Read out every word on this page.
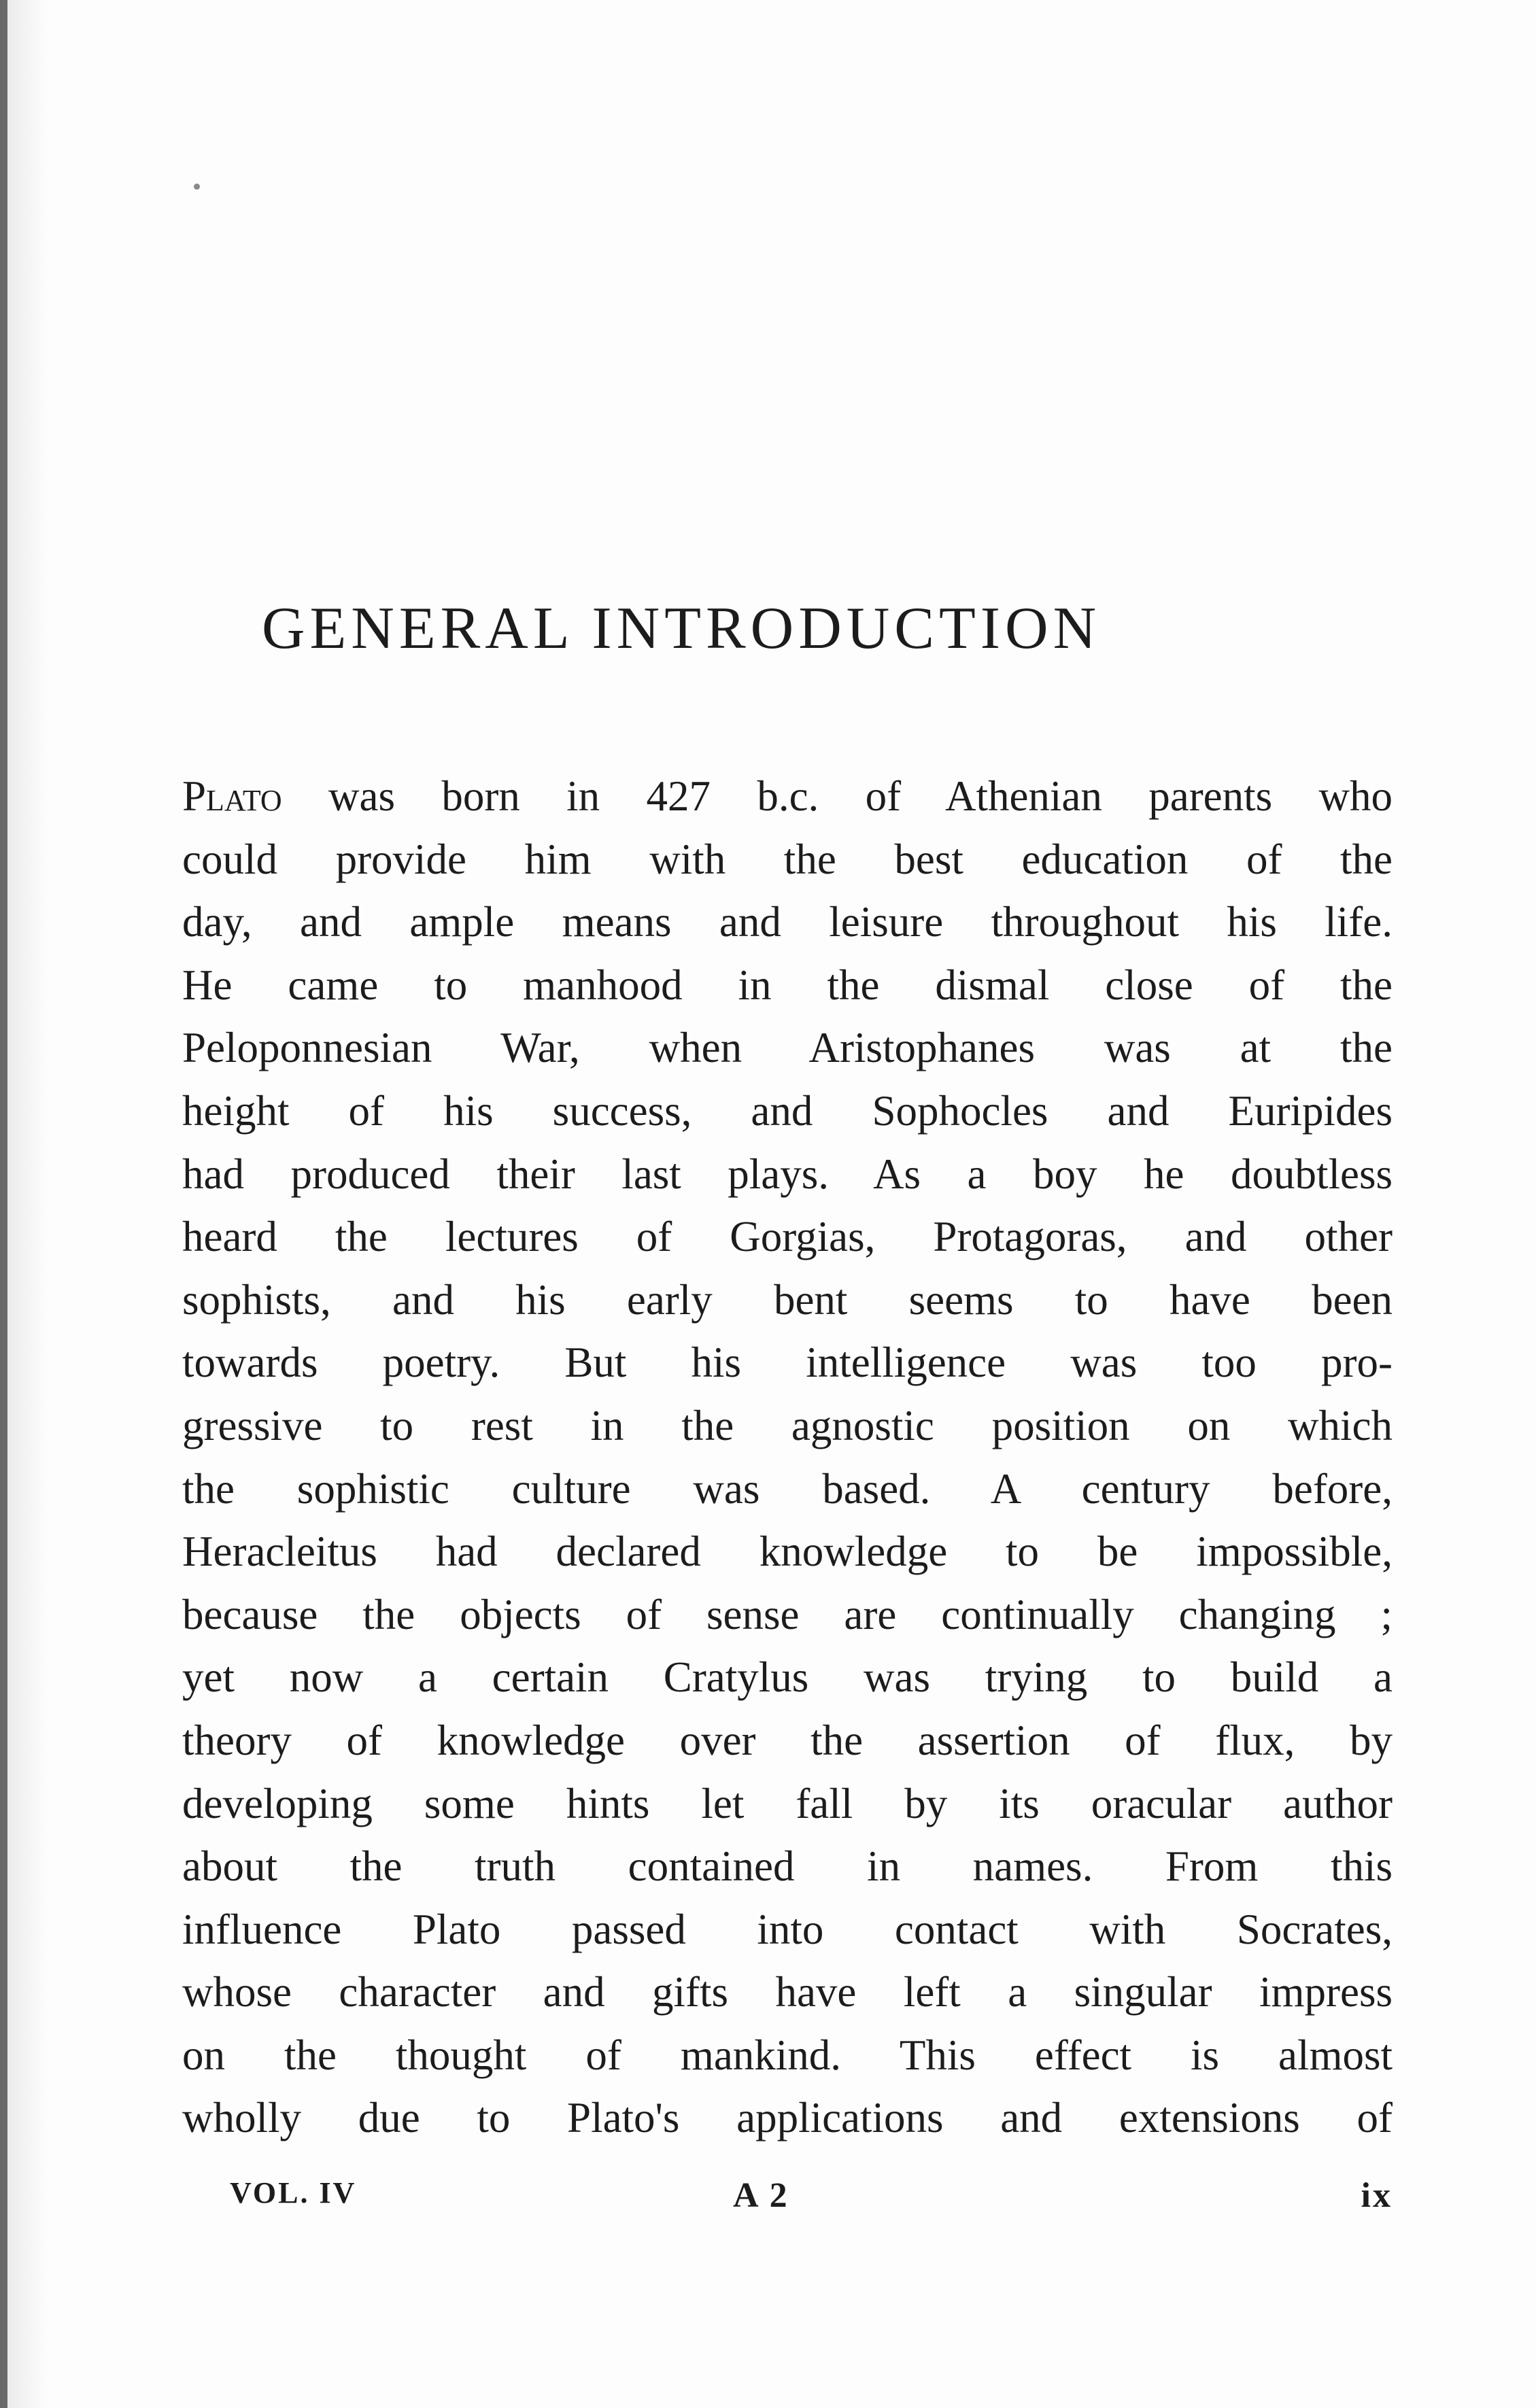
GENERAL INTRODUCTION
Plato was born in 427 b.c. of Athenian parents who
could provide him with the best education of the
day, and ample means and leisure throughout his life.
He came to manhood in the dismal close of the
Peloponnesian War, when Aristophanes was at the
height of his success, and Sophocles and Euripides
had produced their last plays. As a boy he doubtless
heard the lectures of Gorgias, Protagoras, and other
sophists, and his early bent seems to have been
towards poetry. But his intelligence was too pro-
gressive to rest in the agnostic position on which
the sophistic culture was based. A century before,
Heracleitus had declared knowledge to be impossible,
because the objects of sense are continually changing ;
yet now a certain Cratylus was trying to build a
theory of knowledge over the assertion of flux, by
developing some hints let fall by its oracular author
about the truth contained in names. From this
influence Plato passed into contact with Socrates,
whose character and gifts have left a singular impress
on the thought of mankind. This effect is almost
wholly due to Plato's applications and extensions of
VOL. IV	A 2	ix
